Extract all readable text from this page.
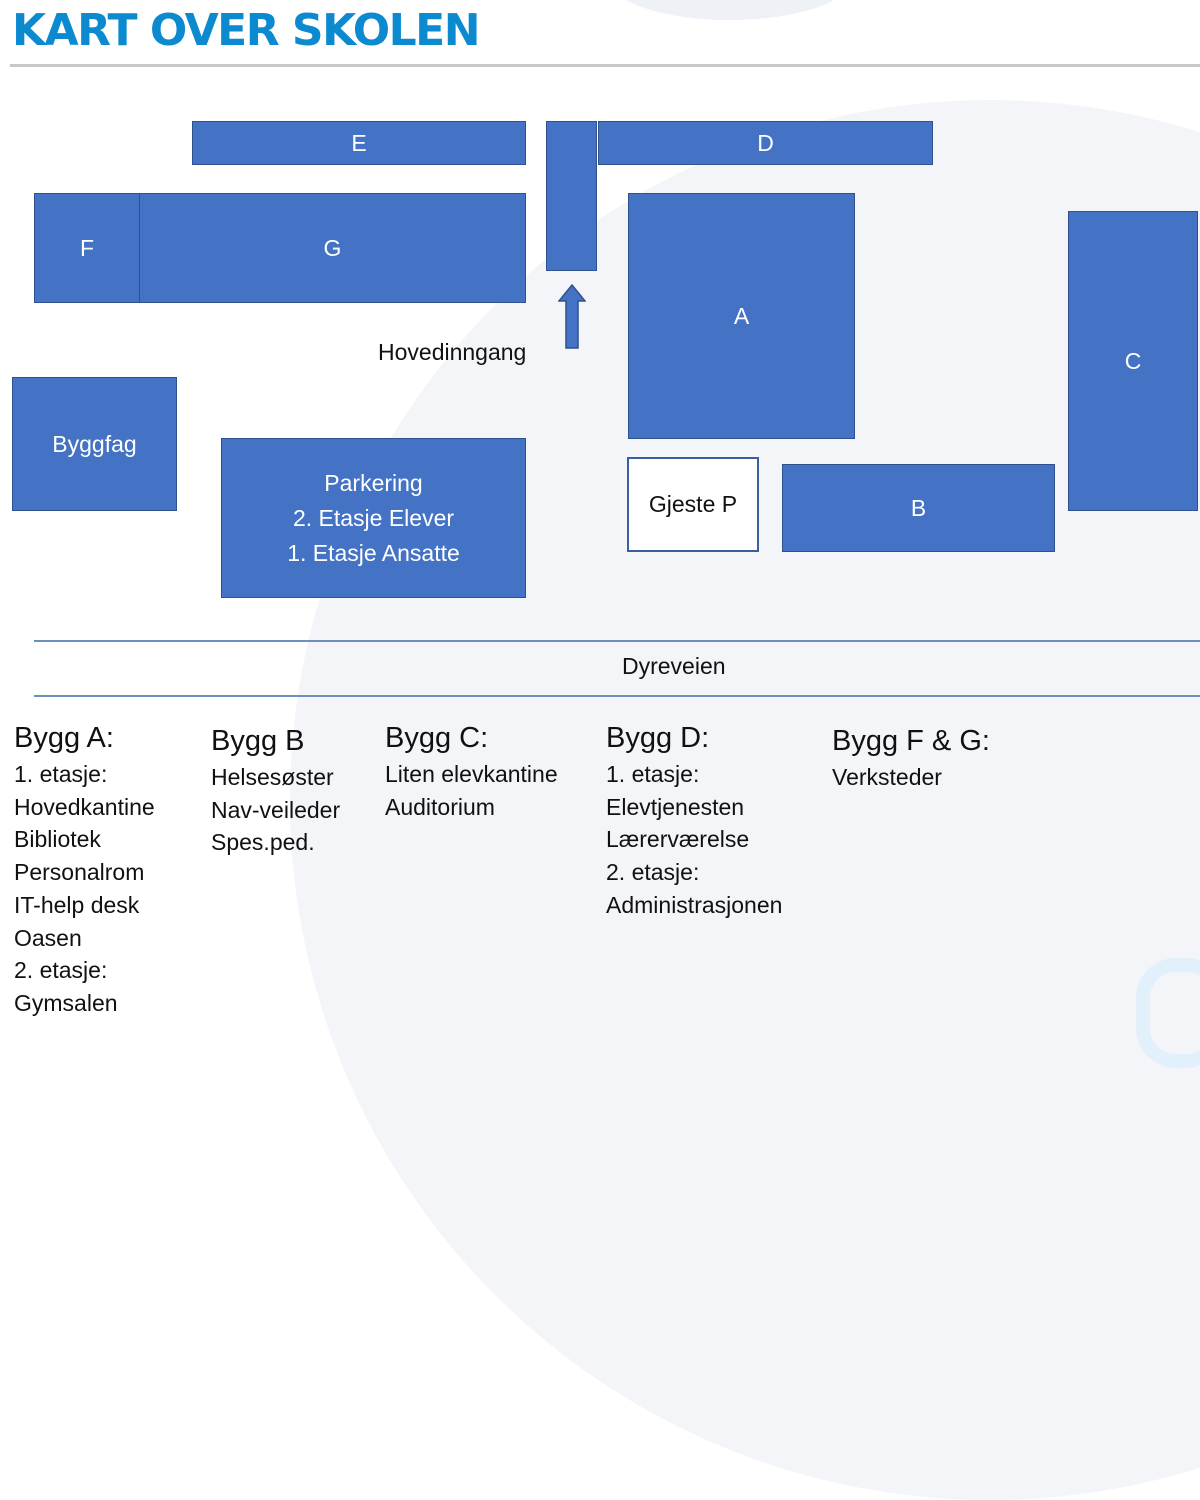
KART OVER SKOLEN
E	D
F	G
A
C
Byggfag
Parkering
2. Etasje Elever
1. Etasje Ansatte
Gjeste P	B
Hovedinngang
Dyreveien
Bygg A:
1. etasje:
Hovedkantine
Bibliotek
Personalrom
IT-help desk
Oasen
2. etasje:
Gymsalen
Bygg B
Helsesøster
Nav-veileder
Spes.ped.
Bygg C:
Liten elevkantine
Auditorium
Bygg D:
1. etasje:
Elevtjenesten
Lærerværelse
2. etasje:
Administrasjonen
Bygg F & G:
Verksteder
